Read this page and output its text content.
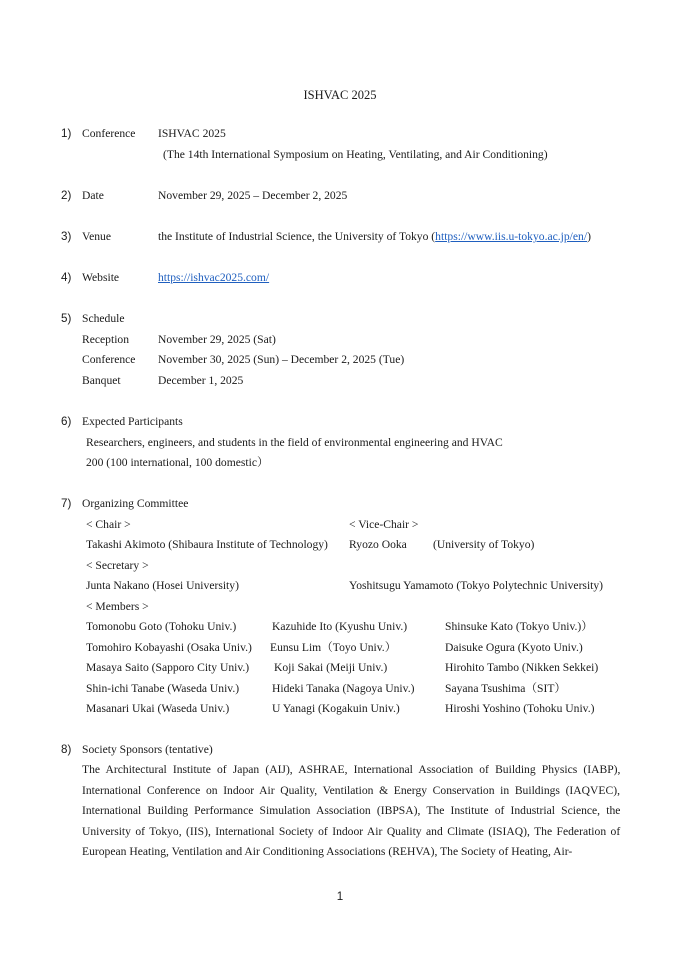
ISHVAC 2025
1) Conference ISHVAC 2025
(The 14th International Symposium on Heating, Ventilating, and Air Conditioning)
2) Date	November 29, 2025 – December 2, 2025
3) Venue	the Institute of Industrial Science, the University of Tokyo (https://www.iis.u-tokyo.ac.jp/en/)
4) Website	https://ishvac2025.com/
5) Schedule
Reception November 29, 2025 (Sat)
Conference November 30, 2025 (Sun) – December 2, 2025 (Tue)
Banquet	December 1, 2025
6) Expected Participants
Researchers, engineers, and students in the field of environmental engineering and HVAC
200 (100 international, 100 domestic）
7) Organizing Committee
< Chair >	< Vice-Chair >
Takashi Akimoto (Shibaura Institute of Technology) Ryozo Ooka (University of Tokyo)
< Secretary >
Junta Nakano (Hosei University)	Yoshitsugu Yamamoto (Tokyo Polytechnic University)
< Members >
Tomonobu Goto (Tohoku Univ.)	Kazuhide Ito (Kyushu Univ.)	Shinsuke Kato (Tokyo Univ.)）
Tomohiro Kobayashi (Osaka Univ.) Eunsu Lim（Toyo Univ.）	Daisuke Ogura (Kyoto Univ.)
Masaya Saito (Sapporo City Univ.) Koji Sakai (Meiji Univ.)	Hirohito Tambo (Nikken Sekkei)
Shin-ichi Tanabe (Waseda Univ.)	Hideki Tanaka (Nagoya Univ.)	Sayana Tsushima（SIT）
Masanari Ukai (Waseda Univ.)	U Yanagi (Kogakuin Univ.)	Hiroshi Yoshino (Tohoku Univ.)
8) Society Sponsors (tentative)
The Architectural Institute of Japan (AIJ), ASHRAE, International Association of Building Physics (IABP),
International Conference on Indoor Air Quality, Ventilation & Energy Conservation in Buildings (IAQVEC),
International Building Performance Simulation Association (IBPSA), The Institute of Industrial Science, the
University of Tokyo, (IIS), International Society of Indoor Air Quality and Climate (ISIAQ), The Federation of
European Heating, Ventilation and Air Conditioning Associations (REHVA), The Society of Heating, Air-
1
